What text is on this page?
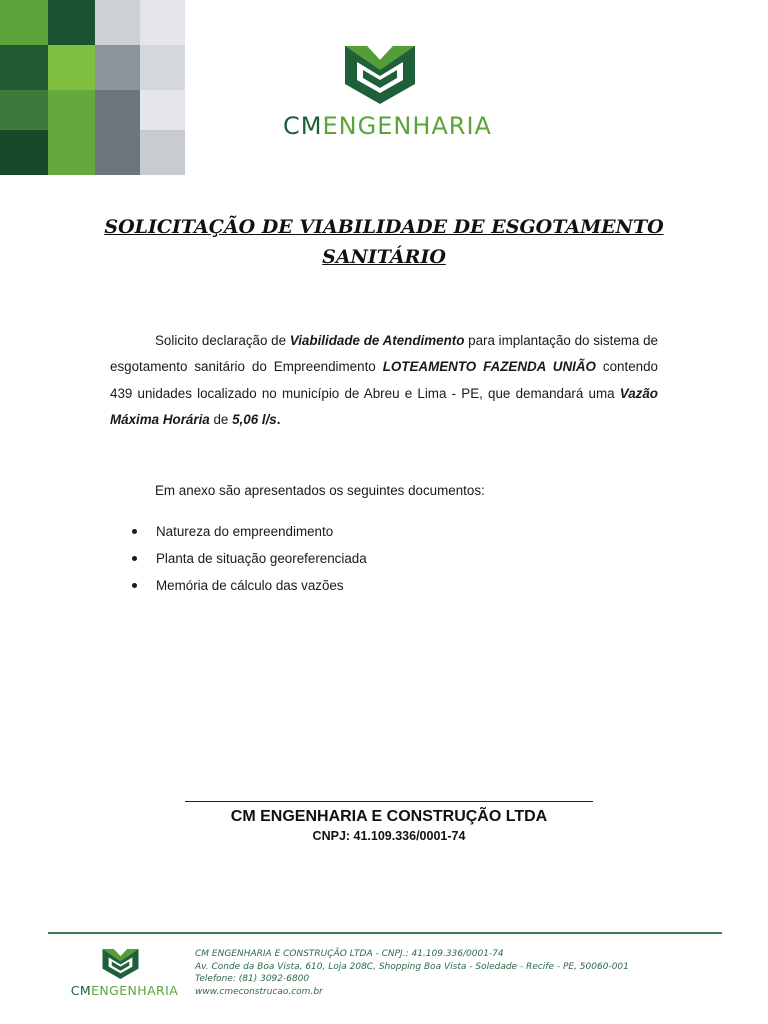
CMENGENHARIA
SOLICITAÇÃO DE VIABILIDADE DE ESGOTAMENTO
SANITÁRIO

Solicito declaração de Viabilidade de Atendimento para implantação do sistema de esgotamento sanitário do Empreendimento LOTEAMENTO FAZENDA UNIÃO contendo 439 unidades localizado no município de Abreu e Lima - PE, que demandará uma Vazão Máxima Horária de 5,06 l/s.

Em anexo são apresentados os seguintes documentos:
Natureza do empreendimento
Planta de situação georeferenciada
Memória de cálculo das vazões
CM ENGENHARIA E CONSTRUÇÃO LTDA
CNPJ: 41.109.336/0001-74
CMENGENHARIA
CM ENGENHARIA E CONSTRUÇÃO LTDA - CNPJ.: 41.109.336/0001-74
Av. Conde da Boa Vista, 610, Loja 208C, Shopping Boa Vista - Soledade - Recife - PE, 50060-001
Telefone: (81) 3092-6800
www.cmeconstrucao.com.br
